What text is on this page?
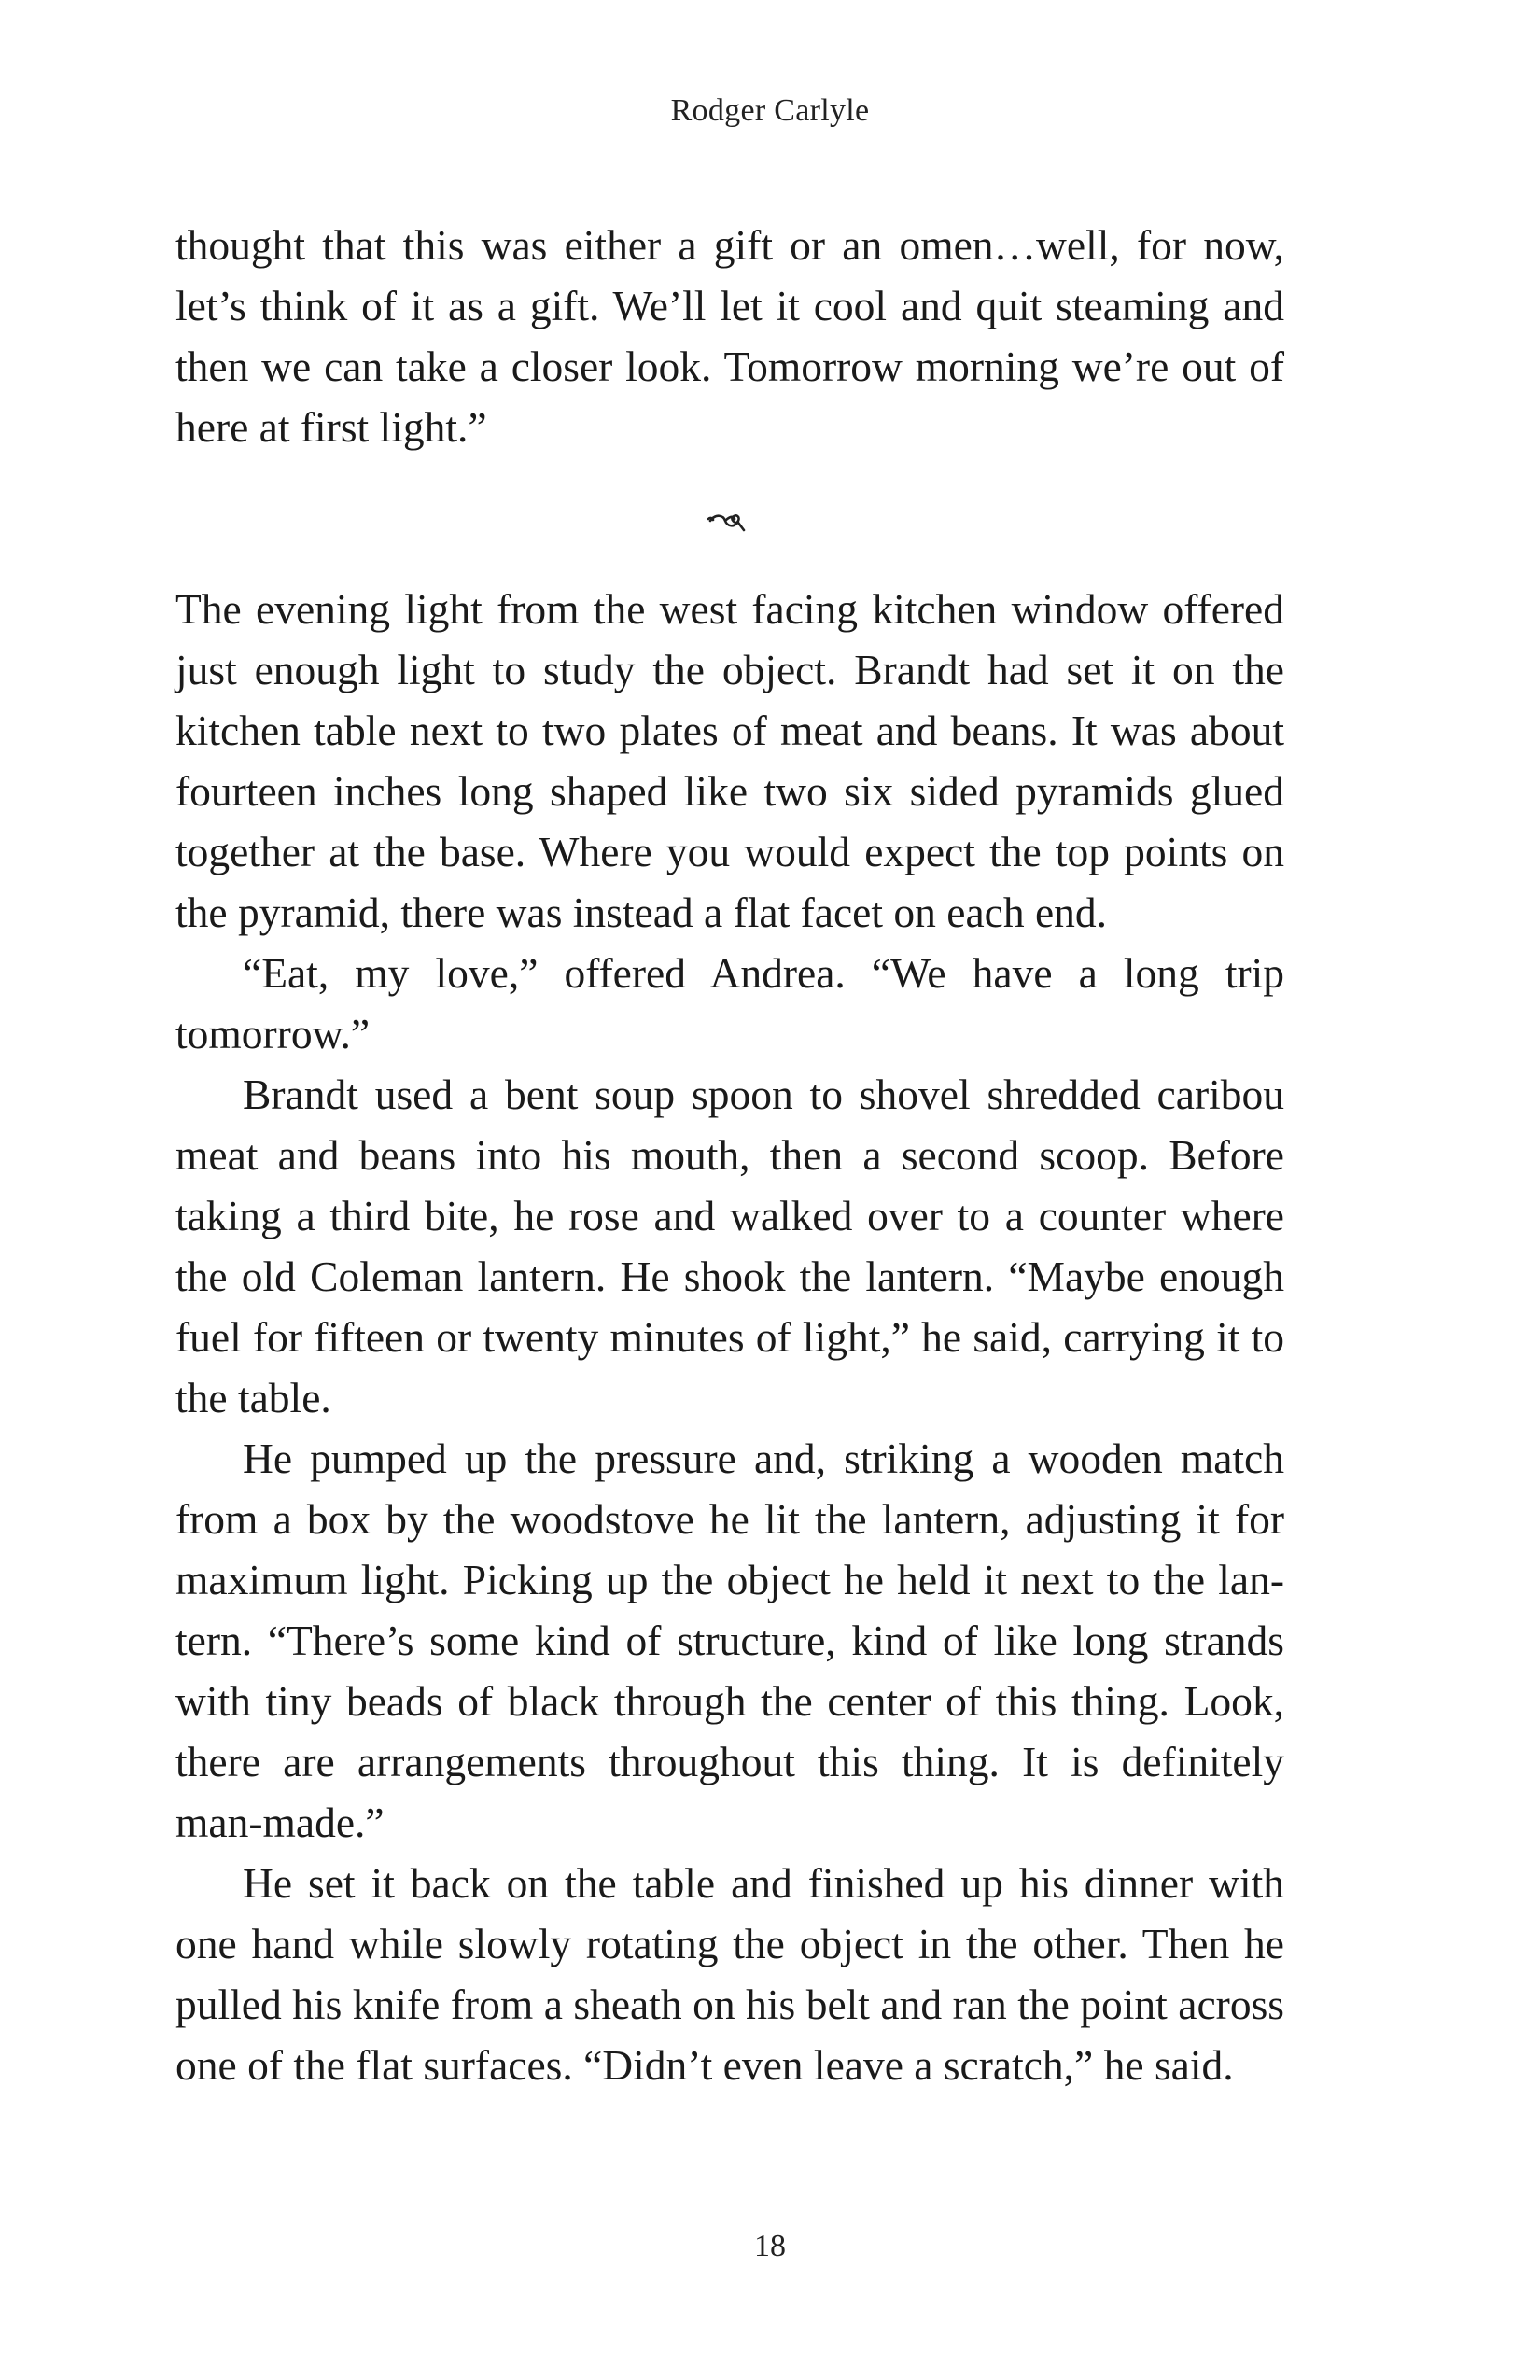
Rodger Carlyle

thought that this was either a gift or an omen…well, for now, let’s think of it as a gift. We’ll let it cool and quit steaming and then we can take a closer look. Tomorrow morning we’re out of here at first light.”

The evening light from the west facing kitchen window offered just enough light to study the object. Brandt had set it on the kitchen table next to two plates of meat and beans. It was about fourteen inches long shaped like two six sided pyramids glued together at the base. Where you would expect the top points on the pyramid, there was instead a flat facet on each end.

“Eat, my love,” offered Andrea. “We have a long trip tomorrow.”

Brandt used a bent soup spoon to shovel shredded caribou meat and beans into his mouth, then a second scoop. Before taking a third bite, he rose and walked over to a counter where the old Coleman lantern. He shook the lantern. “Maybe enough fuel for fifteen or twenty minutes of light,” he said, carrying it to the table.

He pumped up the pressure and, striking a wooden match from a box by the woodstove he lit the lantern, adjusting it for maximum light. Picking up the object he held it next to the lantern. “There’s some kind of structure, kind of like long strands with tiny beads of black through the center of this thing. Look, there are arrangements throughout this thing. It is definitely man-made.”

He set it back on the table and finished up his dinner with one hand while slowly rotating the object in the other. Then he pulled his knife from a sheath on his belt and ran the point across one of the flat surfaces. “Didn’t even leave a scratch,” he said.

18
